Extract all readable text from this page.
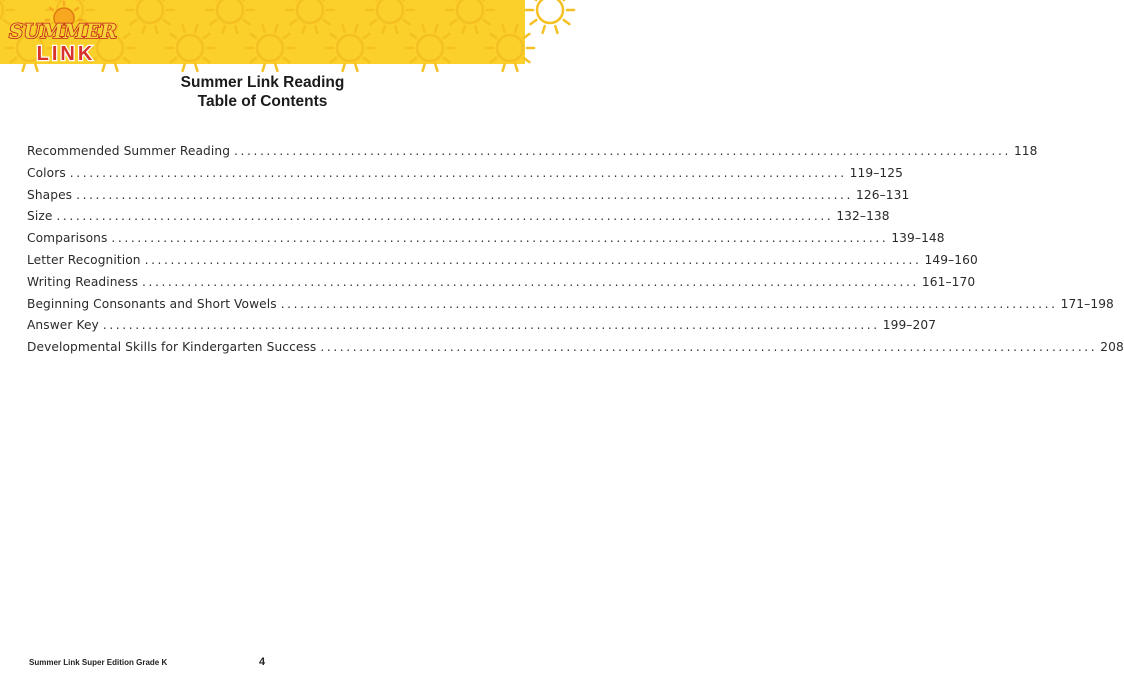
SUMMER
LINK
Summer Link Reading
Table of Contents
Recommended Summer Reading ........................................................................................................................ 118
Colors ........................................................................................................................ 119–125
Shapes ........................................................................................................................ 126–131
Size ........................................................................................................................ 132–138
Comparisons ........................................................................................................................ 139–148
Letter Recognition ........................................................................................................................ 149–160
Writing Readiness ........................................................................................................................ 161–170
Beginning Consonants and Short Vowels ........................................................................................................................ 171–198
Answer Key ........................................................................................................................ 199–207
Developmental Skills for Kindergarten Success ........................................................................................................................ 208
Summer Link Super Edition Grade K	4
